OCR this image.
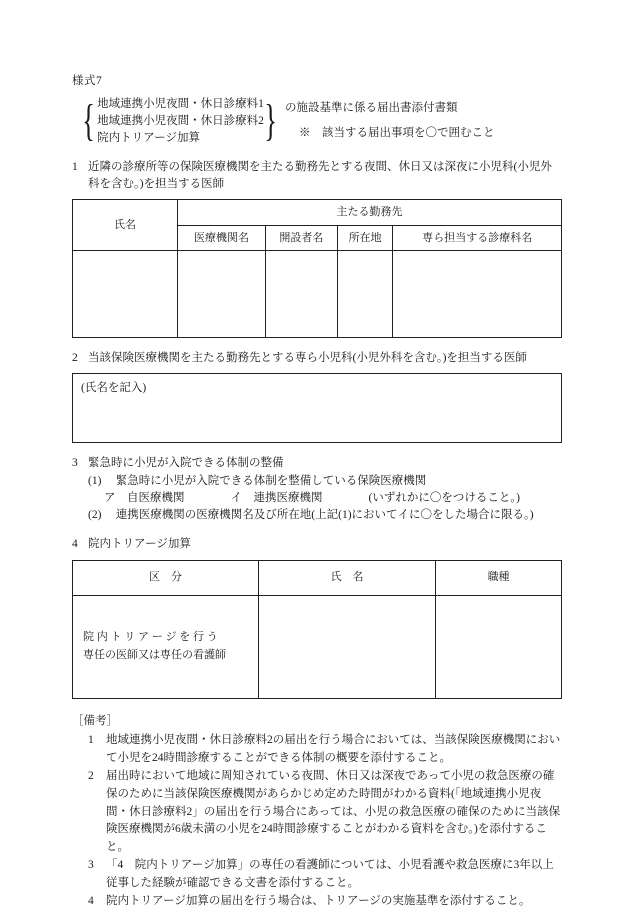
様式7
{ 地域連携小児夜間・休日診療料1
地域連携小児夜間・休日診療料2
院内トリアージ加算	} の施設基準に係る届出書添付書類
※　該当する届出事項を〇で囲むこと
1 近隣の診療所等の保険医療機関を主たる勤務先とする夜間、休日又は深夜に小児科(小児外科を含む。)を担当する医師
氏名	主たる勤務先			
	医療機関名	開設者名	所在地	専ら担当する診療科名

2 当該保険医療機関を主たる勤務先とする専ら小児科(小児外科を含む。)を担当する医師
(氏名を記入)
3 緊急時に小児が入院できる体制の整備
(1) 　 緊急時に小児が入院できる体制を整備している保険医療機関
ア　自医療機関　　　　イ　連携医療機関　　　　(いずれかに〇をつけること。)
(2) 　 連携医療機関の医療機関名及び所在地(上記(1)においてイに〇をした場合に限る。)
4 院内トリアージ加算
区　分	氏　名	職種

院 内 ト リ ア ー ジ を 行 う
専任の医師又は専任の看護師		

［備考］
1	地域連携小児夜間・休日診療料2の届出を行う場合においては、当該保険医療機関において小児を24時間診療することができる体制の概要を添付すること。
2	届出時において地域に周知されている夜間、休日又は深夜であって小児の救急医療の確保のために当該保険医療機関があらかじめ定めた時間がわかる資料(「地域連携小児夜間・休日診療料2」の届出を行う場合にあっては、小児の救急医療の確保のために当該保険医療機関が6歳未満の小児を24時間診療することがわかる資料を含む。)を添付すること。
3	「4　院内トリアージ加算」の専任の看護師については、小児看護や救急医療に3年以上従事した経験が確認できる文書を添付すること。
4	院内トリアージ加算の届出を行う場合は、トリアージの実施基準を添付すること。
